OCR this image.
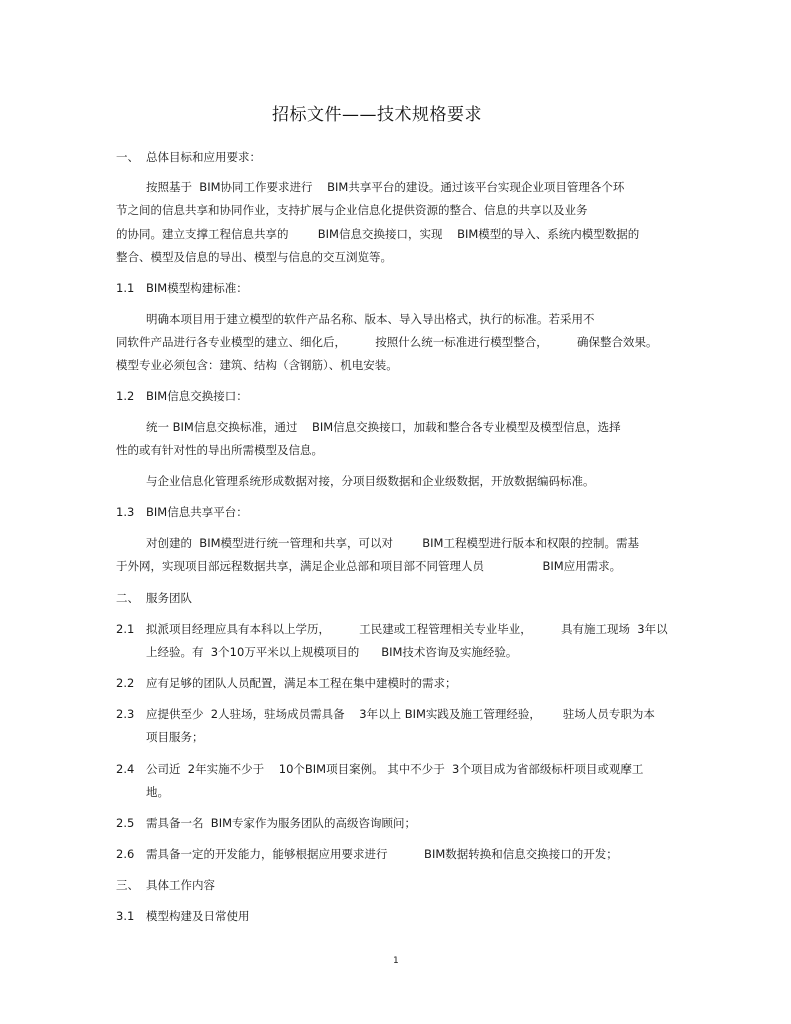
招标文件——技术规格要求
一、 总体目标和应用要求：
按照基于  BIM协同工作要求进行    BIM共享平台的建设。通过该平台实现企业项目管理各个环
节之间的信息共享和协同作业，支持扩展与企业信息化提供资源的整合、信息的共享以及业务
的协同。建立支撑工程信息共享的        BIM信息交换接口，实现    BIM模型的导入、系统内模型数据的
整合、模型及信息的导出、模型与信息的交互浏览等。
1.1 BIM模型构建标准：
明确本项目用于建立模型的软件产品名称、版本、导入导出格式，执行的标准。若采用不
同软件产品进行各专业模型的建立、细化后，        按照什么统一标准进行模型整合，        确保整合效果。
模型专业必须包含：建筑、结构（含钢筋）、机电安装。
1.2 BIM信息交换接口：
统一 BIM信息交换标准，通过    BIM信息交换接口，加载和整合各专业模型及模型信息，选择
性的或有针对性的导出所需模型及信息。
与企业信息化管理系统形成数据对接，分项目级数据和企业级数据，开放数据编码标准。
1.3 BIM信息共享平台：
对创建的  BIM模型进行统一管理和共享，可以对        BIM工程模型进行版本和权限的控制。需基
于外网，实现项目部远程数据共享，满足企业总部和项目部不同管理人员                BIM应用需求。
二、 服务团队
2.1 拟派项目经理应具有本科以上学历，        工民建或工程管理相关专业毕业，        具有施工现场  3年以
上经验。有  3个10万平米以上规模项目的      BIM技术咨询及实施经验。
2.2 应有足够的团队人员配置，满足本工程在集中建模时的需求；
2.3 应提供至少  2人驻场，驻场成员需具备    3年以上 BIM实践及施工管理经验，      驻场人员专职为本
项目服务；
2.4 公司近  2年实施不少于    10个BIM项目案例。 其中不少于  3个项目成为省部级标杆项目或观摩工
地。
2.5 需具备一名  BIM专家作为服务团队的高级咨询顾问；
2.6 需具备一定的开发能力，能够根据应用要求进行          BIM数据转换和信息交换接口的开发；
三、 具体工作内容
3.1 模型构建及日常使用
1
